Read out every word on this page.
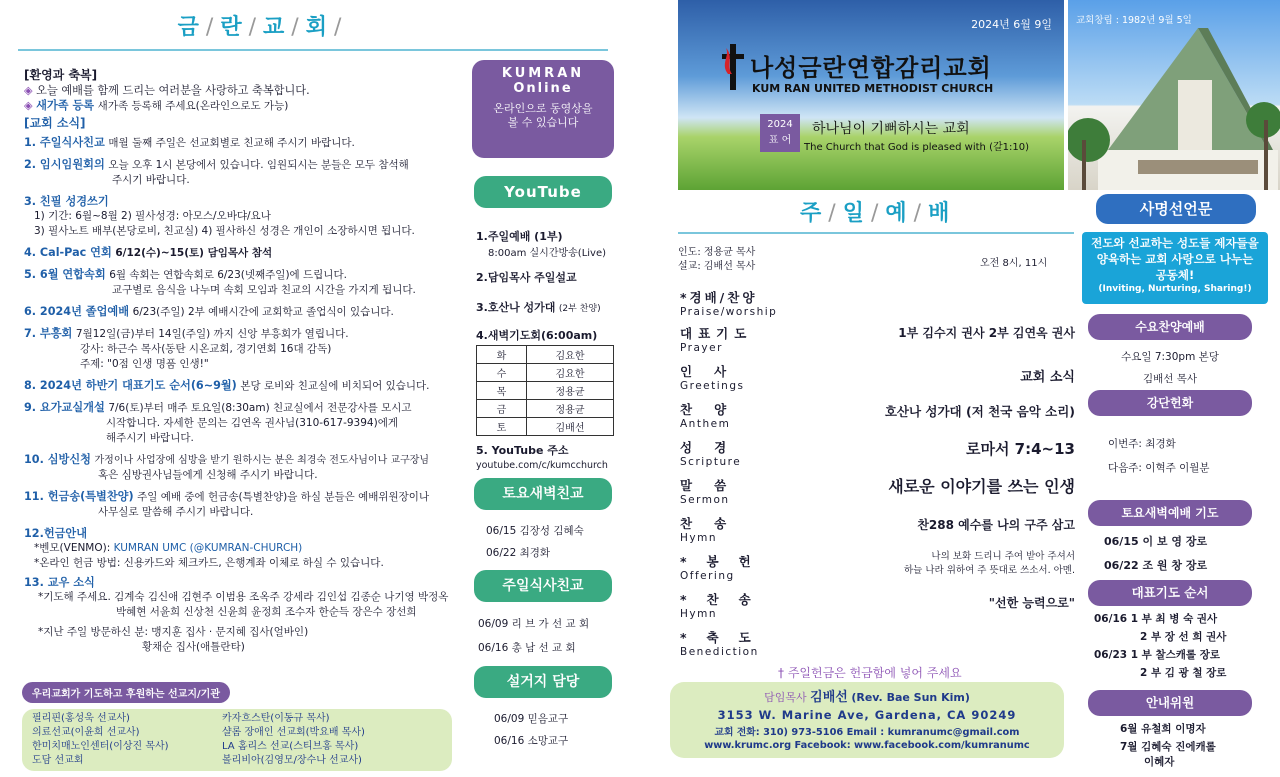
금 / 란 / 교 / 회 /
[환영과 축복]
◈ 오늘 예배를 함께 드리는 여러분을 사랑하고 축복합니다.
◈ 새가족 등록 새가족 등록해 주세요(온라인으로도 가능)
[교회 소식]
1. 주일식사친교 매월 둘째 주일은 선교회별로 친교해 주시기 바랍니다.
2. 임시임원회의 오늘 오후 1시 본당에서 있습니다. 임원되시는 분들은 모두 참석해
주시기 바랍니다.
3. 친필 성경쓰기
1) 기간: 6월~8월 2) 필사성경: 아모스/오바댜/요나
3) 필사노트 배부(본당로비, 친교실) 4) 필사하신 성경은 개인이 소장하시면 됩니다.
4. Cal-Pac 연회 6/12(수)~15(토) 담임목사 참석
5. 6월 연합속회 6월 속회는 연합속회로 6/23(넷째주일)에 드립니다.
교구별로 음식을 나누며 속회 모임과 친교의 시간을 가지게 됩니다.
6. 2024년 졸업예배 6/23(주일) 2부 예배시간에 교회학교 졸업식이 있습니다.
7. 부흥회 7월12일(금)부터 14일(주일) 까지 신앙 부흥회가 열립니다.
강사: 하근수 목사(동탄 시온교회, 경기연회 16대 감독)
주제: "0점 인생 명품 인생!"
8. 2024년 하반기 대표기도 순서(6~9월) 본당 로비와 친교실에 비치되어 있습니다.
9. 요가교실개설 7/6(토)부터 매주 토요일(8:30am) 친교실에서 전문강사를 모시고
시작합니다. 자세한 문의는 김연옥 권사님(310-617-9394)에게
해주시기 바랍니다.
10. 심방신청 가정이나 사업장에 심방을 받기 원하시는 분은 최경숙 전도사님이나 교구장님
혹은 심방권사님들에게 신청해 주시기 바랍니다.
11. 헌금송(특별찬양) 주일 예배 중에 헌금송(특별찬양)을 하실 분들은 예배위원장이나
사무실로 말씀해 주시기 바랍니다.
12.헌금안내
*벤모(VENMO): KUMRAN UMC (@KUMRAN-CHURCH)
*온라인 헌금 방법: 신용카드와 체크카드, 은행계좌 이체로 하실 수 있습니다.
13. 교우 소식
*기도해 주세요. 김계숙 김신애 김현주 이범용 조옥주 강세라 김인섭 김종순 나기영 박정옥
박혜현 서윤희 신상천 신윤희 윤정희 조수자 한순득 장은수 장선희
*지난 주일 방문하신 분: 맹지훈 집사 · 문지혜 집사(얼바인)
황채순 집사(애틀란타)
우리교회가 기도하고 후원하는 선교지/기관
필리핀(홍성욱 선교사)	카자흐스탄(이동규 목사)
의료선교(이윤희 선교사)	샬롬 장애인 선교회(박요배 목사)
한미치매노인센터(이상진 목사)	LA 홈리스 선교(스티브홍 목사)
도담 선교회	볼리비아(김영모/장수나 선교사)
KUMRAN
Online
온라인으로 동영상을 볼 수 있습니다
YouTube
1.주일예배 (1부)
8:00am 실시간방송(Live)
2.담임목사 주일설교
3.호산나 성가대 (2부 찬양)
4.새벽기도회(6:00am)
화	김요한
수	김요한
목	정용균
금	정용균
토	김배선
5. YouTube 주소
youtube.com/c/kumcchurch
토요새벽친교
06/15 김장성 김혜숙
06/22 최경화
주일식사친교
06/09 리 브 가 선 교 회
06/16 총 남 선 교 회
설거지 담당
06/09 믿음교구
06/16 소망교구
2024년 6월 9일
나성금란연합감리교회
KUM RAN UNITED METHODIST CHURCH
2024
표 어
하나님이 기뻐하시는 교회
The Church that God is pleased with (갈1:10)
교회창립 : 1982년 9월 5일
주 / 일 / 예 / 배
인도: 정용균 목사
설교: 김배선 목사	오전 8시, 11시
*경배/찬양
Praise/worship
대표기도
Prayer
1부 김수지 권사 2부 김연옥 권사
인사
Greetings
교회 소식
찬양
Anthem
호산나 성가대 (저 천국 음악 소리)
성경
Scripture
로마서 7:4~13
말씀
Sermon
새로운 이야기를 쓰는 인생
찬송
Hymn
찬288 예수를 나의 구주 삼고
*봉헌
Offering
나의 보화 드리니 주여 받아 주셔서
하늘 나라 위하여 주 뜻대로 쓰소서. 아멘.
*찬송
Hymn
"선한 능력으로"
*축도
Benediction
† 주일헌금은 헌금함에 넣어 주세요
담임목사 김배선 (Rev. Bae Sun Kim)
3153 W. Marine Ave, Gardena, CA 90249
교회 전화: 310) 973-5106 Email : kumranumc@gmail.com
www.krumc.org Facebook: www.facebook.com/kumranumc
사명선언문
전도와 선교하는 성도들 제자들을 양육하는 교회 사랑으로 나누는 공동체!
(Inviting, Nurturing, Sharing!)
수요찬양예배
수요일 7:30pm 본당
김배선 목사
강단헌화
이번주: 최경화
다음주: 이혁주 이월분
토요새벽예배 기도
06/15 이 보 영 장로
06/22 조 원 창 장로
대표기도 순서
06/16 1 부 최 병 숙 권사
2 부 장 선 희 권사
06/23 1 부 찰스캐롤 장로
2 부 김 광 철 장로
안내위원
6월 유철희 이명자
7월 김혜숙 진에캐롤
이혜자
